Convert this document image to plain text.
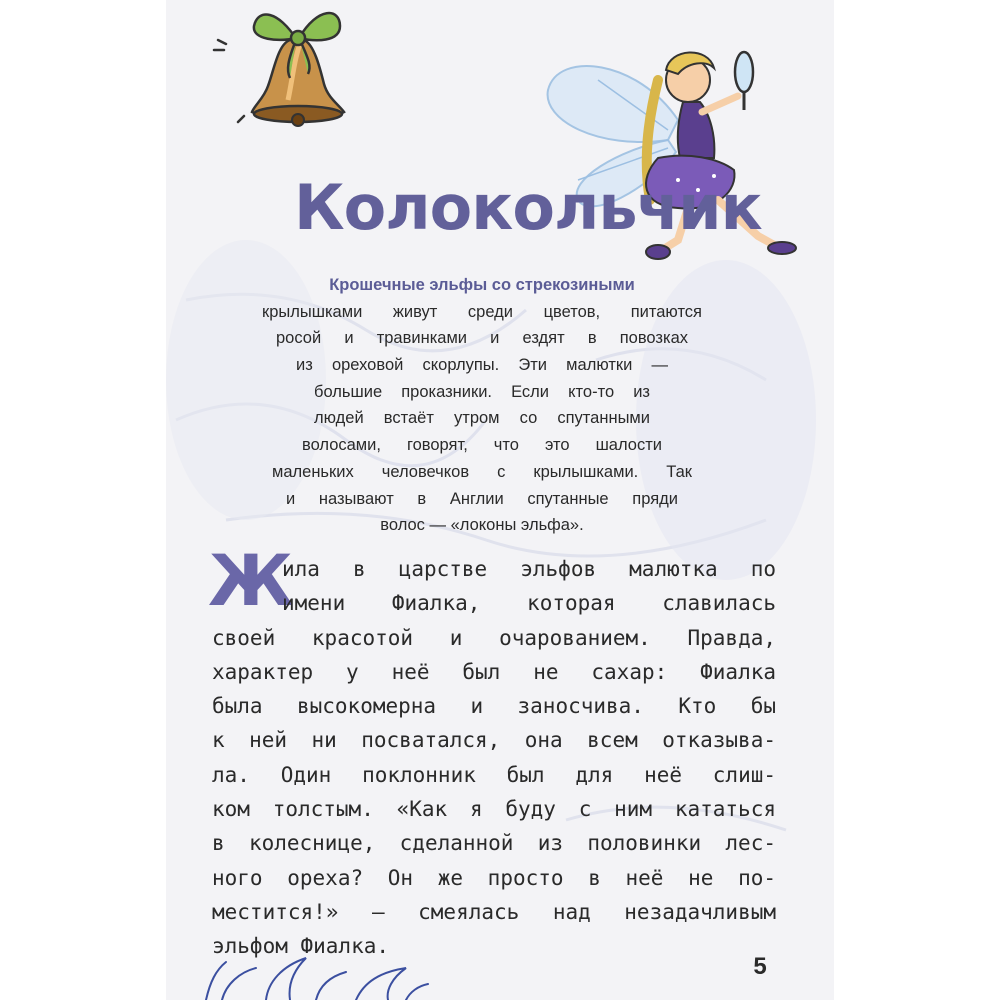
Колокольчик
Крошечные эльфы со стрекозиными
крылышками живут среди цветов, питаются
росой и травинками и ездят в повозках
из ореховой скорлупы. Эти малютки —
большие проказники. Если кто-то из
людей встаёт утром со спутанными
волосами, говорят, что это шалости
маленьких человечков с крылышками. Так
и называют в Англии спутанные пряди
волос — «локоны эльфа».
Ж
ила в царстве эльфов малютка по
имени Фиалка, которая славилась
своей красотой и очарованием. Правда,
характер у неё был не сахар: Фиалка
была высокомерна и заносчива. Кто бы
к ней ни посватался, она всем отказыва-
ла. Один поклонник был для неё слиш-
ком толстым. «Как я буду с ним кататься
в колеснице, сделанной из половинки лес-
ного ореха? Он же просто в неё не по-
местится!» — смеялась над незадачливым
эльфом Фиалка.
5
